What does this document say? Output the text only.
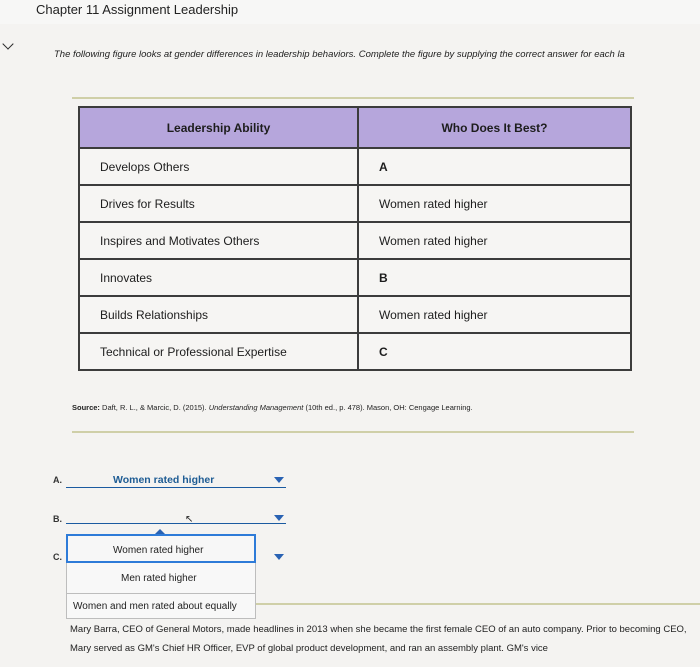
Chapter 11 Assignment Leadership
The following figure looks at gender differences in leadership behaviors. Complete the figure by supplying the correct answer for each la
Leadership Ability	Who Does It Best?
Develops Others	A
Drives for Results	Women rated higher
Inspires and Motivates Others	Women rated higher
Innovates	B
Builds Relationships	Women rated higher
Technical or Professional Expertise	C
Source: Daft, R. L., & Marcic, D. (2015). Understanding Management (10th ed., p. 478). Mason, OH: Cengage Learning.
A.	Women rated higher
B.	↖
C.
Women rated higher
Men rated higher
Women and men rated about equally
Mary Barra, CEO of General Motors, made headlines in 2013 when she became the first female CEO of an auto company. Prior to becoming CEO, Mary served as GM's Chief HR Officer, EVP of global product development, and ran an assembly plant. GM's vice
